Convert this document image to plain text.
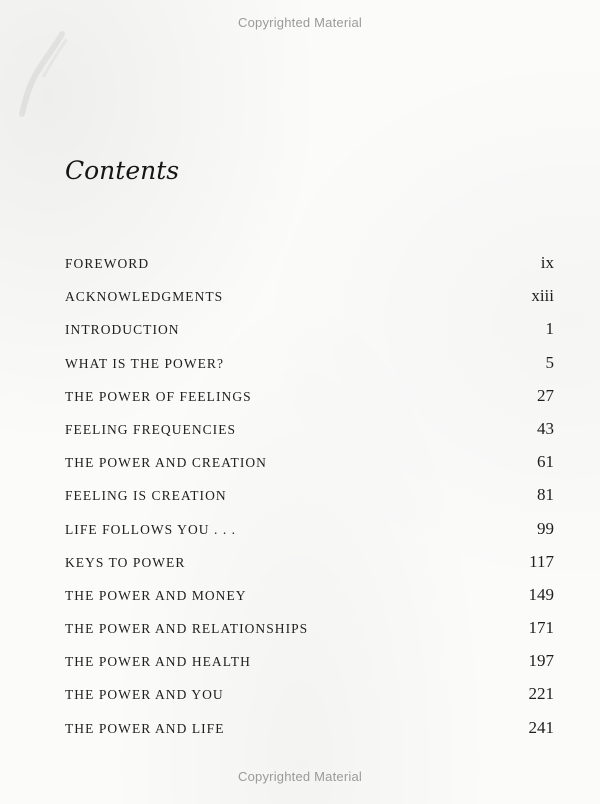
Copyrighted Material
Contents
FOREWORD	ix
ACKNOWLEDGMENTS	xiii
INTRODUCTION	1
WHAT IS THE POWER?	5
THE POWER OF FEELINGS	27
FEELING FREQUENCIES	43
THE POWER AND CREATION	61
FEELING IS CREATION	81
LIFE FOLLOWS YOU . . .	99
KEYS TO POWER	117
THE POWER AND MONEY	149
THE POWER AND RELATIONSHIPS	171
THE POWER AND HEALTH	197
THE POWER AND YOU	221
THE POWER AND LIFE	241
Copyrighted Material
